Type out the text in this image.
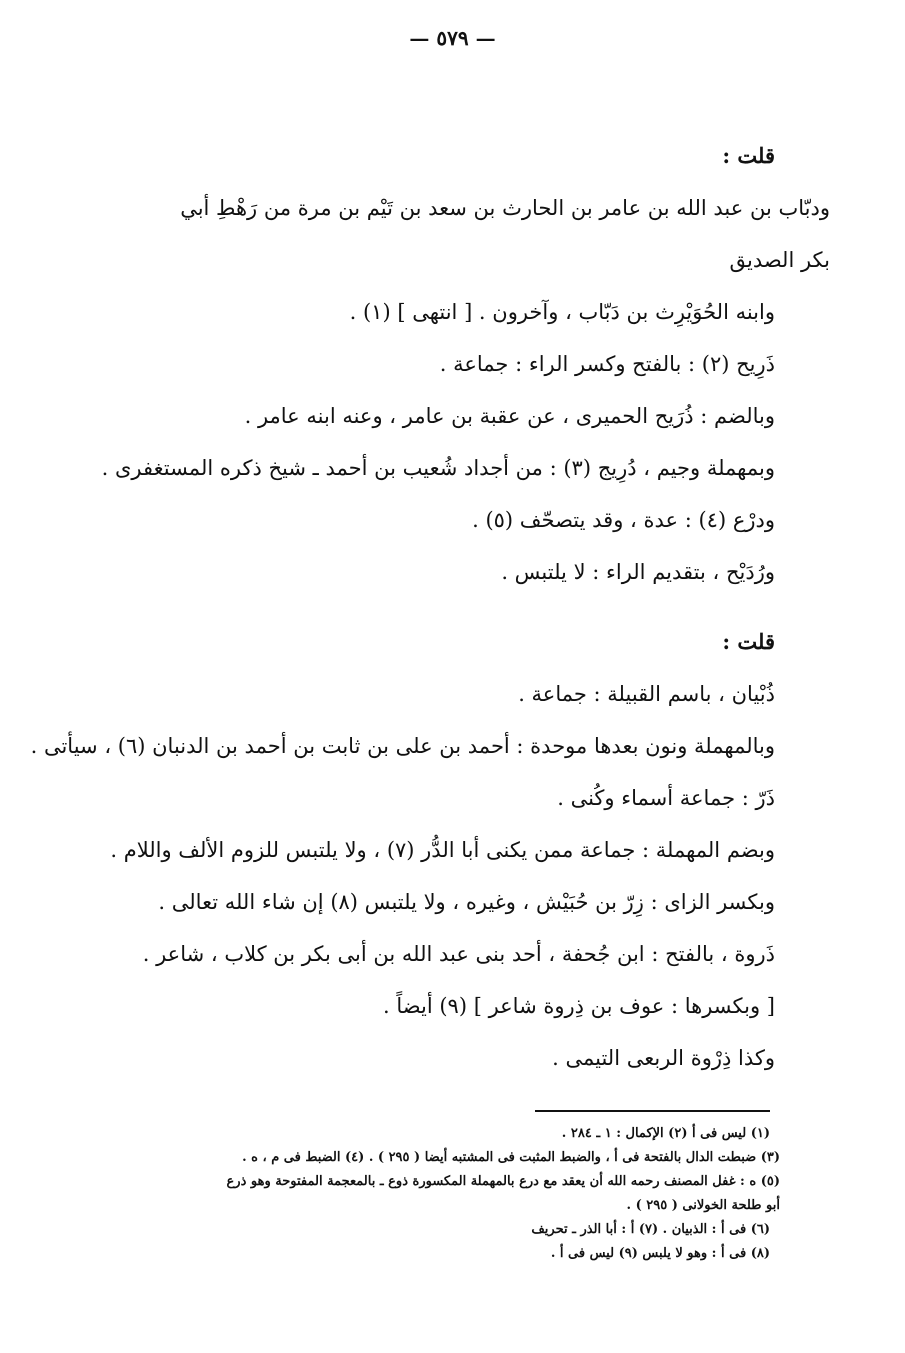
— ٥٧٩ —
قلت :
ودبّاب بن عبد الله بن عامر بن الحارث بن سعد بن تَيْم بن مرة من رَهْطِ أبي
بكر الصديق
وابنه الحُوَيْرِث بن دَبّاب ، وآخرون . [ انتهى ] (١) .
ذَرِيح (٢) : بالفتح وكسر الراء : جماعة .
وبالضم : ذُرَيح الحميرى ، عن عقبة بن عامر ، وعنه ابنه عامر .
وبمهملة وجيم ، دُرِيج (٣) : من أجداد شُعيب بن أحمد ـ شيخ ذكره المستغفرى .
ودرْع (٤) : عدة ، وقد يتصحّف (٥) .
ورُدَيْح ، بتقديم الراء : لا يلتبس .
قلت :
ذُبْيان ، باسم القبيلة : جماعة .
وبالمهملة ونون بعدها موحدة : أحمد بن على بن ثابت بن أحمد بن الدنبان (٦) ، سيأتى .
ذَرّ : جماعة أسماء وكُنى .
وبضم المهملة : جماعة ممن يكنى أبا الدُّر (٧) ، ولا يلتبس للزوم الألف واللام .
وبكسر الزاى : زِرّ بن حُبَيْش ، وغيره ، ولا يلتبس (٨) إن شاء الله تعالى .
ذَروة ، بالفتح : ابن جُحفة ، أحد بنى عبد الله بن أبى بكر بن كلاب ، شاعر .
[ وبكسرها : عوف بن ذِروة شاعر ] (٩) أيضاً .
وكذا ذِرْوة الربعى التيمى .
(١) ليس فى أ (٢) الإكمال : ١ ـ ٢٨٤ .
(٣) ضبطت الدال بالفتحة فى أ ، والضبط المثبت فى المشتبه أيضا ( ٢٩٥ ) . (٤) الضبط فى م ، ه .
(٥) ه : غفل المصنف رحمه الله أن يعقد مع درع بالمهملة المكسورة ذوع ـ بالمعجمة المفتوحة وهو ذرع
أبو طلحة الخولانى ( ٢٩٥ ) .
(٦) فى أ : الذبيان . (٧) أ : أبا الذر ـ تحريف
(٨) فى أ : وهو لا يلبس (٩) ليس فى أ .
